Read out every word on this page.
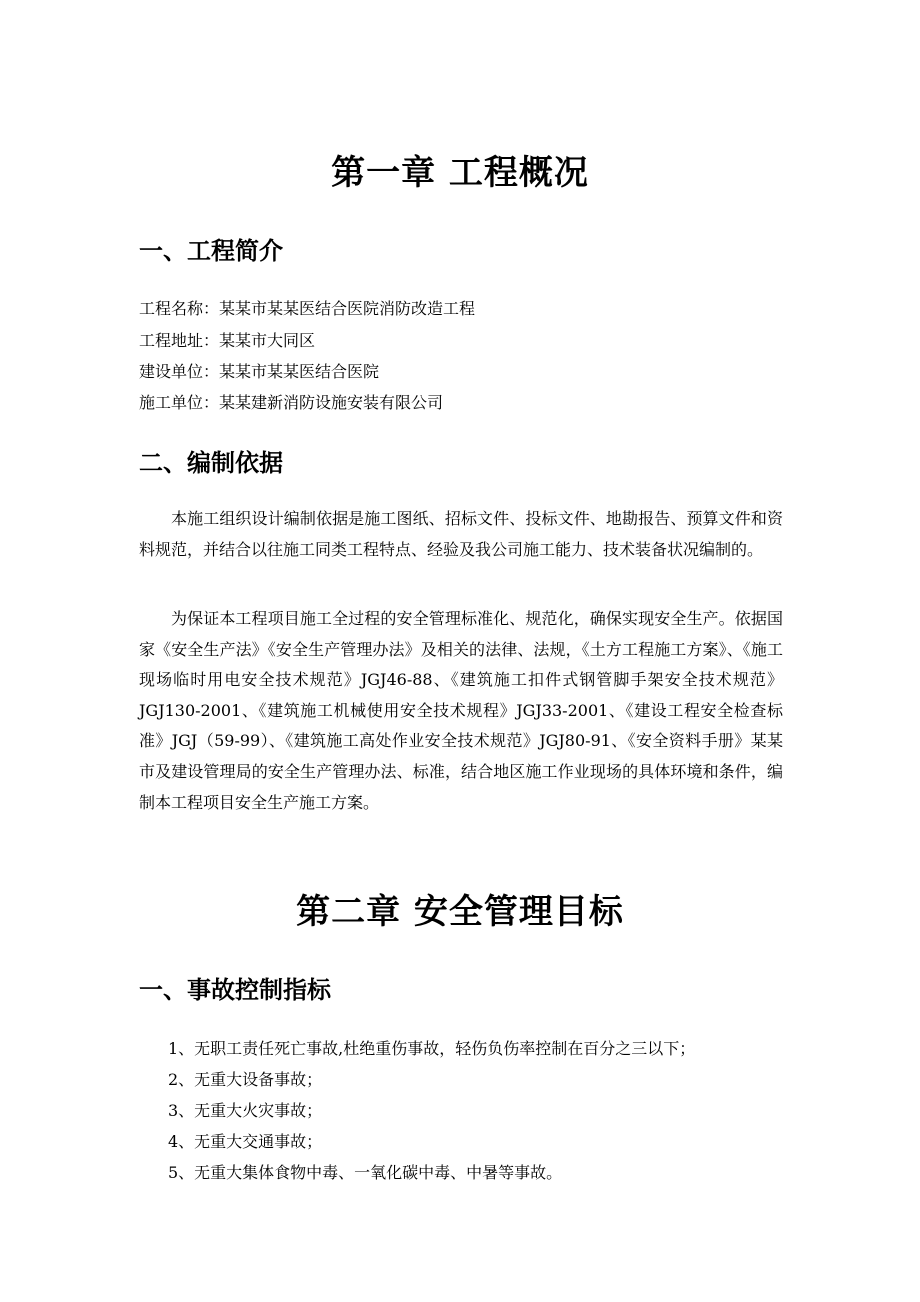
第一章 工程概况
一、工程简介
工程名称：某某市某某医结合医院消防改造工程
工程地址：某某市大同区
建设单位：某某市某某医结合医院
施工单位：某某建新消防设施安装有限公司
二、编制依据
本施工组织设计编制依据是施工图纸、招标文件、投标文件、地勘报告、预算文件和资料规范，并结合以往施工同类工程特点、经验及我公司施工能力、技术装备状况编制的。
为保证本工程项目施工全过程的安全管理标准化、规范化，确保实现安全生产。依据国家《安全生产法》《安全生产管理办法》及相关的法律、法规，《土方工程施工方案》、《施工现场临时用电安全技术规范》JGJ46-88、《建筑施工扣件式钢管脚手架安全技术规范》JGJ130-2001、《建筑施工机械使用安全技术规程》JGJ33-2001、《建设工程安全检查标准》JGJ（59-99）、《建筑施工高处作业安全技术规范》JGJ80-91、《安全资料手册》某某市及建设管理局的安全生产管理办法、标准，结合地区施工作业现场的具体环境和条件，编制本工程项目安全生产施工方案。
第二章 安全管理目标
一、事故控制指标
1、无职工责任死亡事故,杜绝重伤事故，轻伤负伤率控制在百分之三以下；
2、无重大设备事故；
3、无重大火灾事故；
4、无重大交通事故；
5、无重大集体食物中毒、一氧化碳中毒、中暑等事故。
